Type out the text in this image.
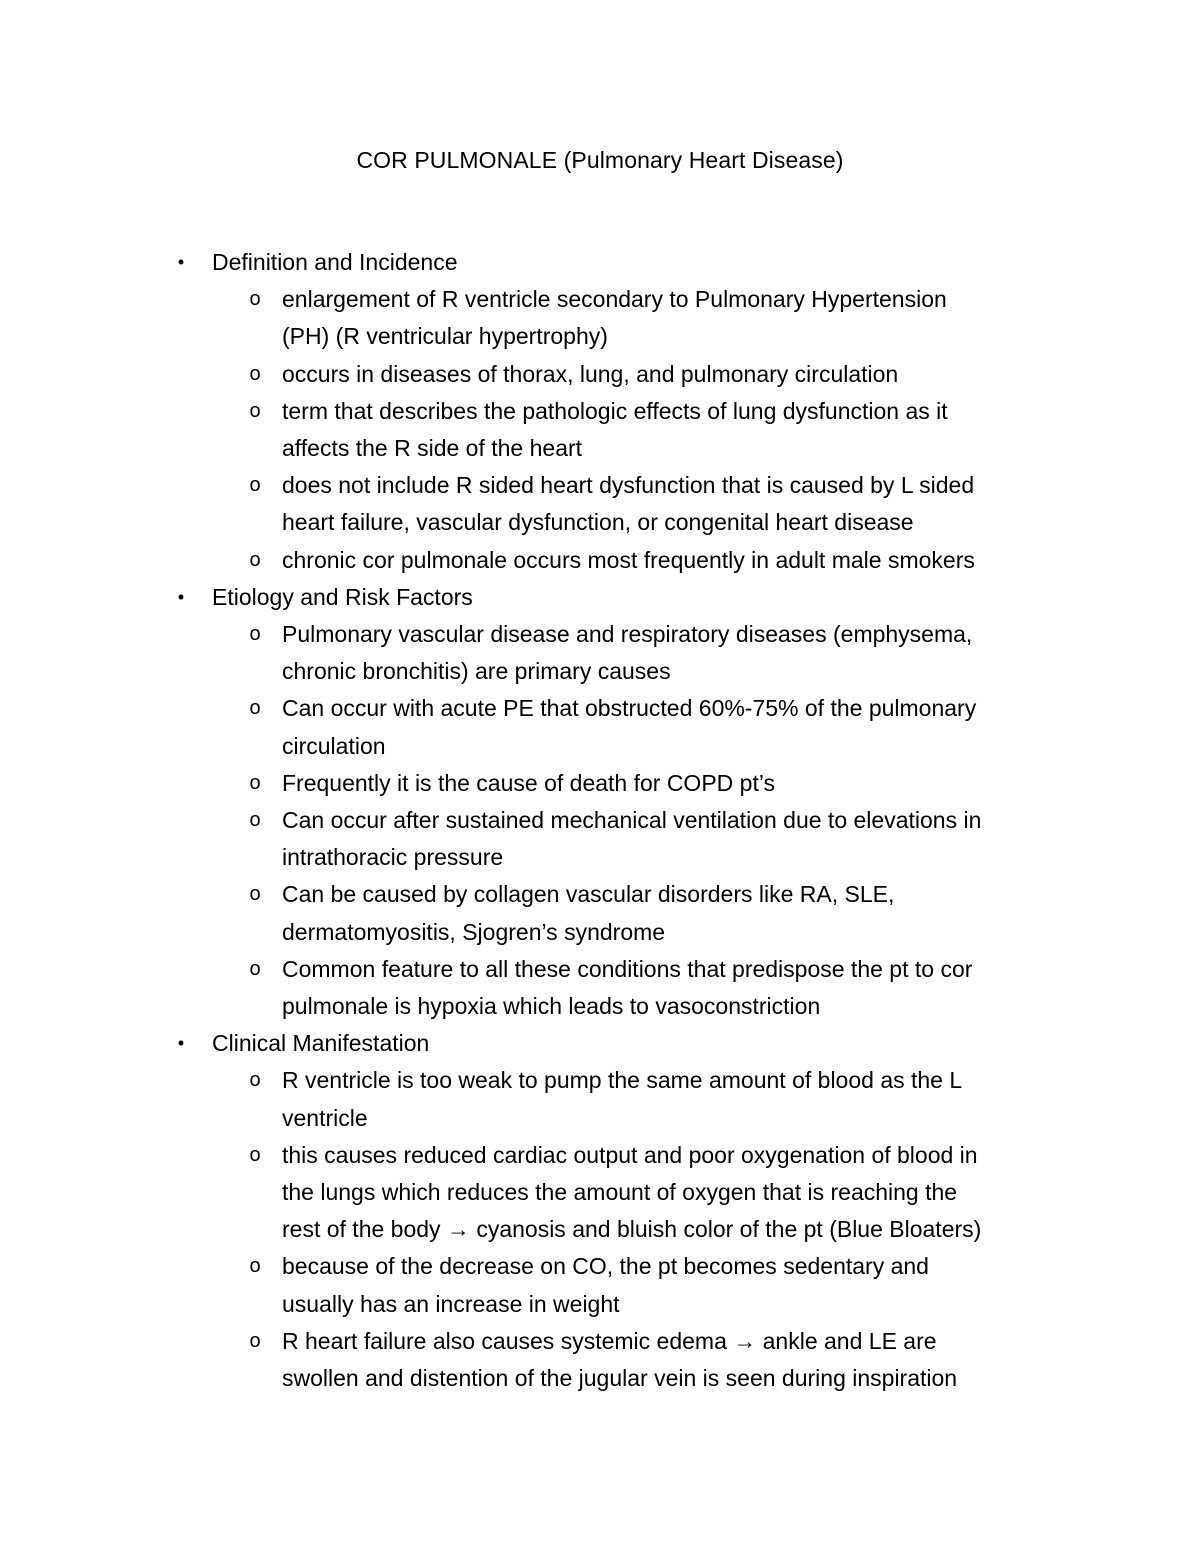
COR PULMONALE (Pulmonary Heart Disease)
• Definition and Incidence
o enlargement of R ventricle secondary to Pulmonary Hypertension
(PH) (R ventricular hypertrophy)
o occurs in diseases of thorax, lung, and pulmonary circulation
o term that describes the pathologic effects of lung dysfunction as it
affects the R side of the heart
o does not include R sided heart dysfunction that is caused by L sided
heart failure, vascular dysfunction, or congenital heart disease
o chronic cor pulmonale occurs most frequently in adult male smokers
• Etiology and Risk Factors
o Pulmonary vascular disease and respiratory diseases (emphysema,
chronic bronchitis) are primary causes
o Can occur with acute PE that obstructed 60%-75% of the pulmonary
circulation
o Frequently it is the cause of death for COPD pt’s
o Can occur after sustained mechanical ventilation due to elevations in
intrathoracic pressure
o Can be caused by collagen vascular disorders like RA, SLE,
dermatomyositis, Sjogren’s syndrome
o Common feature to all these conditions that predispose the pt to cor
pulmonale is hypoxia which leads to vasoconstriction
• Clinical Manifestation
o R ventricle is too weak to pump the same amount of blood as the L
ventricle
o this causes reduced cardiac output and poor oxygenation of blood in
the lungs which reduces the amount of oxygen that is reaching the
rest of the body → cyanosis and bluish color of the pt (Blue Bloaters)
o because of the decrease on CO, the pt becomes sedentary and
usually has an increase in weight
o R heart failure also causes systemic edema → ankle and LE are
swollen and distention of the jugular vein is seen during inspiration
